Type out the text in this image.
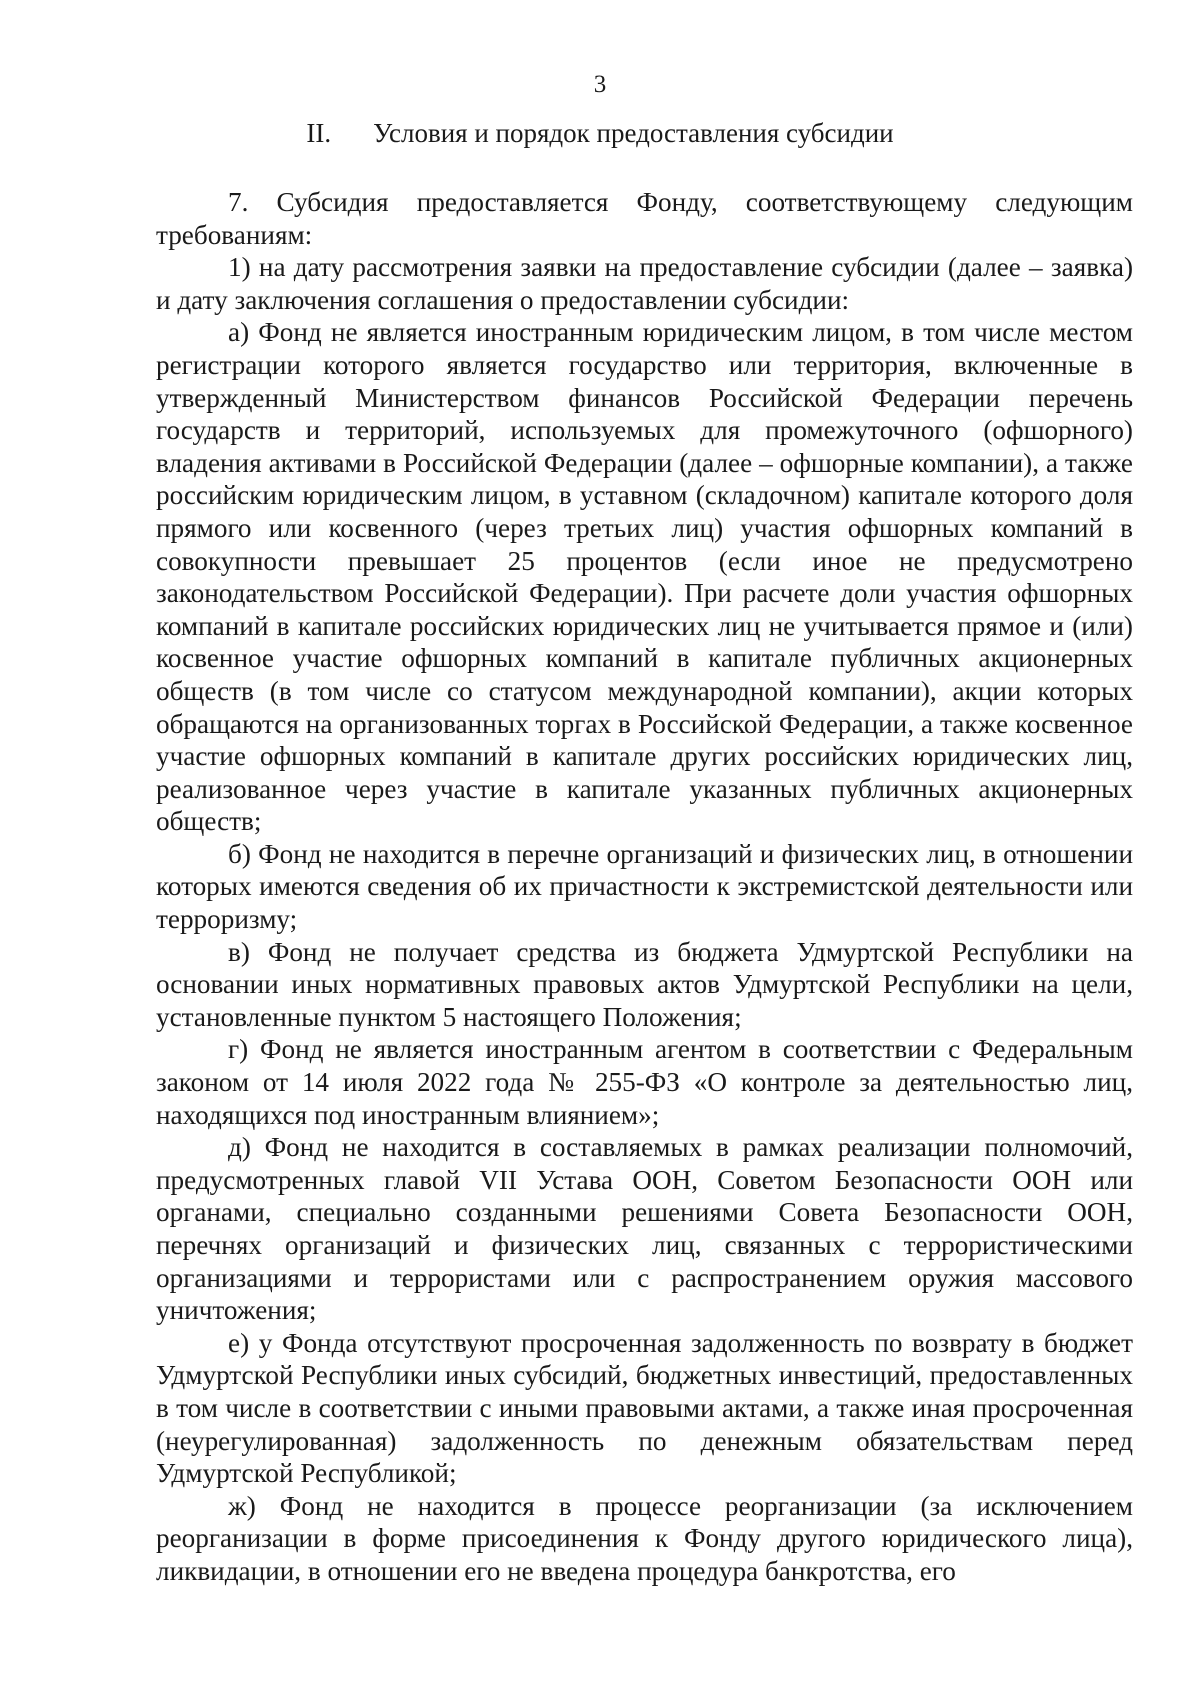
3
II. Условия и порядок предоставления субсидии

7. Субсидия предоставляется Фонду, соответствующему следующим требованиям:

1) на дату рассмотрения заявки на предоставление субсидии (далее – заявка) и дату заключения соглашения о предоставлении субсидии:

а) Фонд не является иностранным юридическим лицом, в том числе местом регистрации которого является государство или территория, включенные в утвержденный Министерством финансов Российской Федерации перечень государств и территорий, используемых для промежуточного (офшорного) владения активами в Российской Федерации (далее – офшорные компании), а также российским юридическим лицом, в уставном (складочном) капитале которого доля прямого или косвенного (через третьих лиц) участия офшорных компаний в совокупности превышает 25 процентов (если иное не предусмотрено законодательством Российской Федерации). При расчете доли участия офшорных компаний в капитале российских юридических лиц не учитывается прямое и (или) косвенное участие офшорных компаний в капитале публичных акционерных обществ (в том числе со статусом международной компании), акции которых обращаются на организованных торгах в Российской Федерации, а также косвенное участие офшорных компаний в капитале других российских юридических лиц, реализованное через участие в капитале указанных публичных акционерных обществ;

б) Фонд не находится в перечне организаций и физических лиц, в отношении которых имеются сведения об их причастности к экстремистской деятельности или терроризму;

в) Фонд не получает средства из бюджета Удмуртской Республики на основании иных нормативных правовых актов Удмуртской Республики на цели, установленные пунктом 5 настоящего Положения;

г) Фонд не является иностранным агентом в соответствии с Федеральным законом от 14 июля 2022 года № 255-ФЗ «О контроле за деятельностью лиц, находящихся под иностранным влиянием»;

д) Фонд не находится в составляемых в рамках реализации полномочий, предусмотренных главой VII Устава ООН, Советом Безопасности ООН или органами, специально созданными решениями Совета Безопасности ООН, перечнях организаций и физических лиц, связанных с террористическими организациями и террористами или с распространением оружия массового уничтожения;

е) у Фонда отсутствуют просроченная задолженность по возврату в бюджет Удмуртской Республики иных субсидий, бюджетных инвестиций, предоставленных в том числе в соответствии с иными правовыми актами, а также иная просроченная (неурегулированная) задолженность по денежным обязательствам перед Удмуртской Республикой;

ж) Фонд не находится в процессе реорганизации (за исключением реорганизации в форме присоединения к Фонду другого юридического лица), ликвидации, в отношении его не введена процедура банкротства, его
